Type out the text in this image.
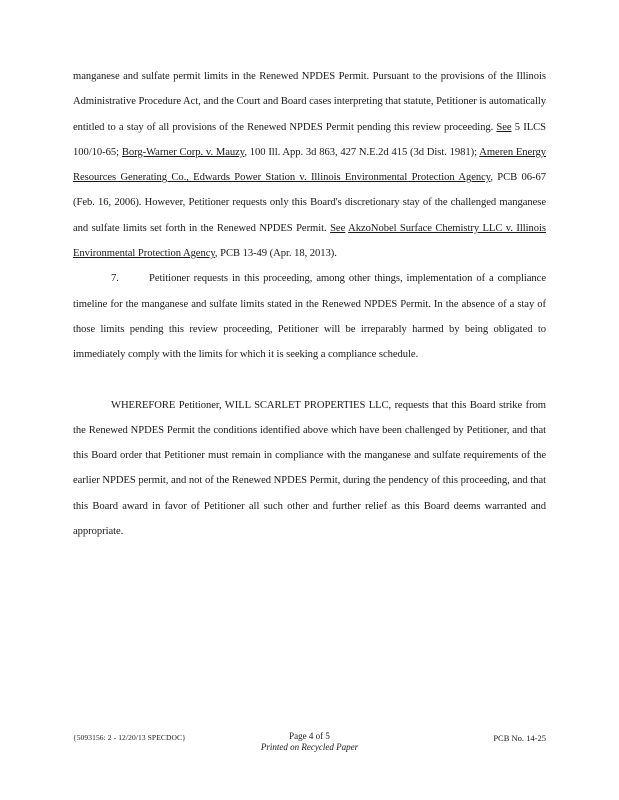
manganese and sulfate permit limits in the Renewed NPDES Permit. Pursuant to the provisions of the Illinois Administrative Procedure Act, and the Court and Board cases interpreting that statute, Petitioner is automatically entitled to a stay of all provisions of the Renewed NPDES Permit pending this review proceeding. See 5 ILCS 100/10-65; Borg-Warner Corp. v. Mauzy, 100 Ill. App. 3d 863, 427 N.E.2d 415 (3d Dist. 1981); Ameren Energy Resources Generating Co., Edwards Power Station v. Illinois Environmental Protection Agency, PCB 06-67 (Feb. 16, 2006). However, Petitioner requests only this Board's discretionary stay of the challenged manganese and sulfate limits set forth in the Renewed NPDES Permit. See AkzoNobel Surface Chemistry LLC v. Illinois Environmental Protection Agency, PCB 13-49 (Apr. 18, 2013).

7.	Petitioner requests in this proceeding, among other things, implementation of a compliance timeline for the manganese and sulfate limits stated in the Renewed NPDES Permit. In the absence of a stay of those limits pending this review proceeding, Petitioner will be irreparably harmed by being obligated to immediately comply with the limits for which it is seeking a compliance schedule.

WHEREFORE Petitioner, WILL SCARLET PROPERTIES LLC, requests that this Board strike from the Renewed NPDES Permit the conditions identified above which have been challenged by Petitioner, and that this Board order that Petitioner must remain in compliance with the manganese and sulfate requirements of the earlier NPDES permit, and not of the Renewed NPDES Permit, during the pendency of this proceeding, and that this Board award in favor of Petitioner all such other and further relief as this Board deems warranted and appropriate.

{5093156: 2 - 12/20/13 SPECDOC}	Page 4 of 5
Printed on Recycled Paper
PCB No. 14-25
